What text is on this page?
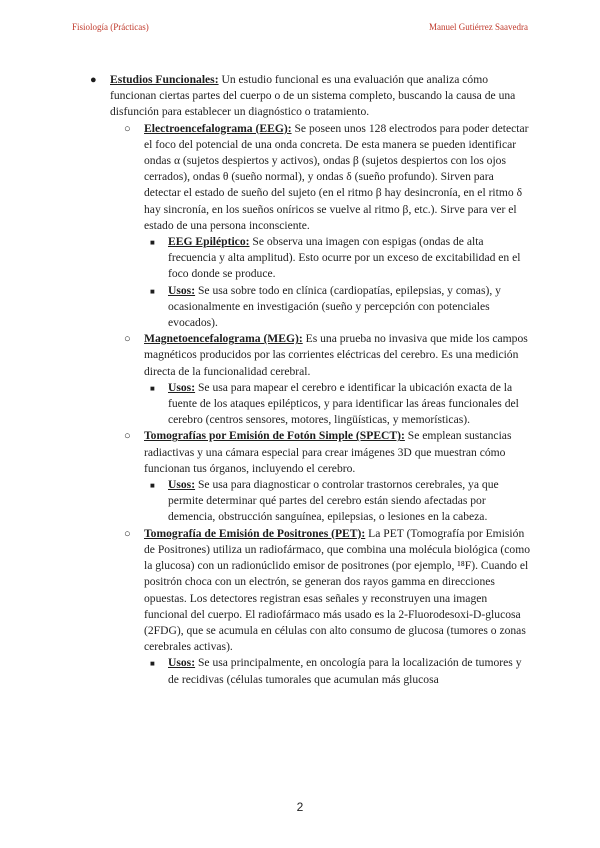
Fisiología (Prácticas)	Manuel Gutiérrez Saavedra
● Estudios Funcionales: Un estudio funcional es una evaluación que analiza cómo funcionan ciertas partes del cuerpo o de un sistema completo, buscando la causa de una disfunción para establecer un diagnóstico o tratamiento.
○ Electroencefalograma (EEG): Se poseen unos 128 electrodos para poder detectar el foco del potencial de una onda concreta. De esta manera se pueden identificar ondas α (sujetos despiertos y activos), ondas β (sujetos despiertos con los ojos cerrados), ondas θ (sueño normal), y ondas δ (sueño profundo). Sirven para detectar el estado de sueño del sujeto (en el ritmo β hay desincronía, en el ritmo δ hay sincronía, en los sueños oníricos se vuelve al ritmo β, etc.). Sirve para ver el estado de una persona inconsciente.
■ EEG Epiléptico: Se observa una imagen con espigas (ondas de alta frecuencia y alta amplitud). Esto ocurre por un exceso de excitabilidad en el foco donde se produce.
■ Usos: Se usa sobre todo en clínica (cardiopatías, epilepsias, y comas), y ocasionalmente en investigación (sueño y percepción con potenciales evocados).
○ Magnetoencefalograma (MEG): Es una prueba no invasiva que mide los campos magnéticos producidos por las corrientes eléctricas del cerebro. Es una medición directa de la funcionalidad cerebral.
■ Usos: Se usa para mapear el cerebro e identificar la ubicación exacta de la fuente de los ataques epilépticos, y para identificar las áreas funcionales del cerebro (centros sensores, motores, lingüísticas, y memorísticas).
○ Tomografías por Emisión de Fotón Simple (SPECT): Se emplean sustancias radiactivas y una cámara especial para crear imágenes 3D que muestran cómo funcionan tus órganos, incluyendo el cerebro.
■ Usos: Se usa para diagnosticar o controlar trastornos cerebrales, ya que permite determinar qué partes del cerebro están siendo afectadas por demencia, obstrucción sanguínea, epilepsias, o lesiones en la cabeza.
○ Tomografía de Emisión de Positrones (PET): La PET (Tomografía por Emisión de Positrones) utiliza un radiofármaco, que combina una molécula biológica (como la glucosa) con un radionúclido emisor de positrones (por ejemplo, ¹⁸F). Cuando el positrón choca con un electrón, se generan dos rayos gamma en direcciones opuestas. Los detectores registran esas señales y reconstruyen una imagen funcional del cuerpo. El radiofármaco más usado es la 2-Fluorodesoxi-D-glucosa (2FDG), que se acumula en células con alto consumo de glucosa (tumores o zonas cerebrales activas).
■ Usos: Se usa principalmente, en oncología para la localización de tumores y de recidivas (células tumorales que acumulan más glucosa
2
